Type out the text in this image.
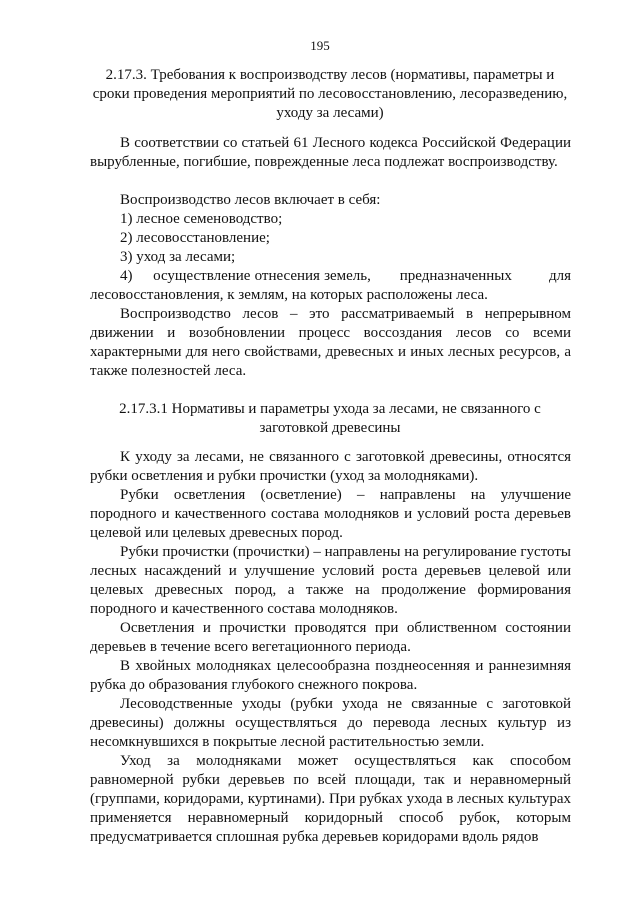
195
2.17.3. Требования к воспроизводству лесов (нормативы, параметры и сроки проведения мероприятий по лесовосстановлению, лесоразведению, уходу за лесами)

В соответствии со статьей 61 Лесного кодекса Российской Федерации вырубленные, погибшие, поврежденные леса подлежат воспроизводству.

Воспроизводство лесов включает в себя:

1) лесное семеноводство;

2) лесовосстановление;

3) уход за лесами;

4)     осуществление отнесения земель,       предназначенных         для

лесовосстановления, к землям, на которых расположены леса.

Воспроизводство лесов – это рассматриваемый в непрерывном движении и возобновлении процесс воссоздания лесов со всеми характерными для него свойствами, древесных и иных лесных ресурсов, а также полезностей леса.

2.17.3.1 Нормативы и параметры ухода за лесами, не связанного с заготовкой древесины

К уходу за лесами, не связанного с заготовкой древесины, относятся рубки осветления и рубки прочистки (уход за молодняками).

Рубки осветления (осветление) – направлены на улучшение породного и качественного состава молодняков и условий роста деревьев целевой или целевых древесных пород.

Рубки прочистки (прочистки) – направлены на регулирование густоты лесных насаждений и улучшение условий роста деревьев целевой или целевых древесных пород, а также на продолжение формирования породного и качественного состава молодняков.

Осветления и прочистки проводятся при облиственном состоянии деревьев в течение всего вегетационного периода.

В хвойных молодняках целесообразна позднеосенняя и раннезимняя рубка до образования глубокого снежного покрова.

Лесоводственные уходы (рубки ухода не связанные с заготовкой древесины) должны осуществляться до перевода лесных культур из несомкнувшихся в покрытые лесной растительностью земли.

Уход за молодняками может осуществляться как способом равномерной рубки деревьев по всей площади, так и неравномерный (группами, коридорами, куртинами). При рубках ухода в лесных культурах применяется неравномерный коридорный способ рубок, которым предусматривается сплошная рубка деревьев коридорами вдоль рядов
